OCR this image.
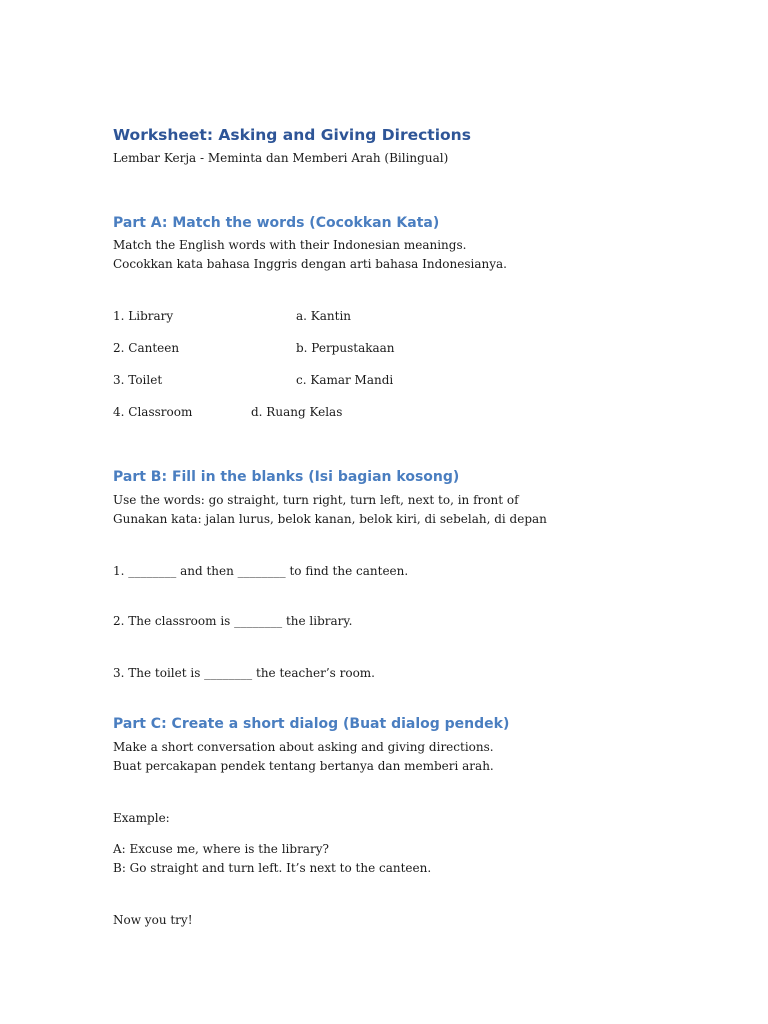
Worksheet: Asking and Giving Directions
Lembar Kerja - Meminta dan Memberi Arah (Bilingual)
Part A: Match the words (Cocokkan Kata)
Match the English words with their Indonesian meanings.
Cocokkan kata bahasa Inggris dengan arti bahasa Indonesianya.
1. Library	a. Kantin
2. Canteen	b. Perpustakaan
3. Toilet	c. Kamar Mandi
4. Classroom	d. Ruang Kelas
Part B: Fill in the blanks (Isi bagian kosong)
Use the words: go straight, turn right, turn left, next to, in front of
Gunakan kata: jalan lurus, belok kanan, belok kiri, di sebelah, di depan
1. ________ and then ________ to find the canteen.
2. The classroom is ________ the library.
3. The toilet is ________ the teacher’s room.
Part C: Create a short dialog (Buat dialog pendek)
Make a short conversation about asking and giving directions.
Buat percakapan pendek tentang bertanya dan memberi arah.
Example:
A: Excuse me, where is the library?
B: Go straight and turn left. It’s next to the canteen.
Now you try!
